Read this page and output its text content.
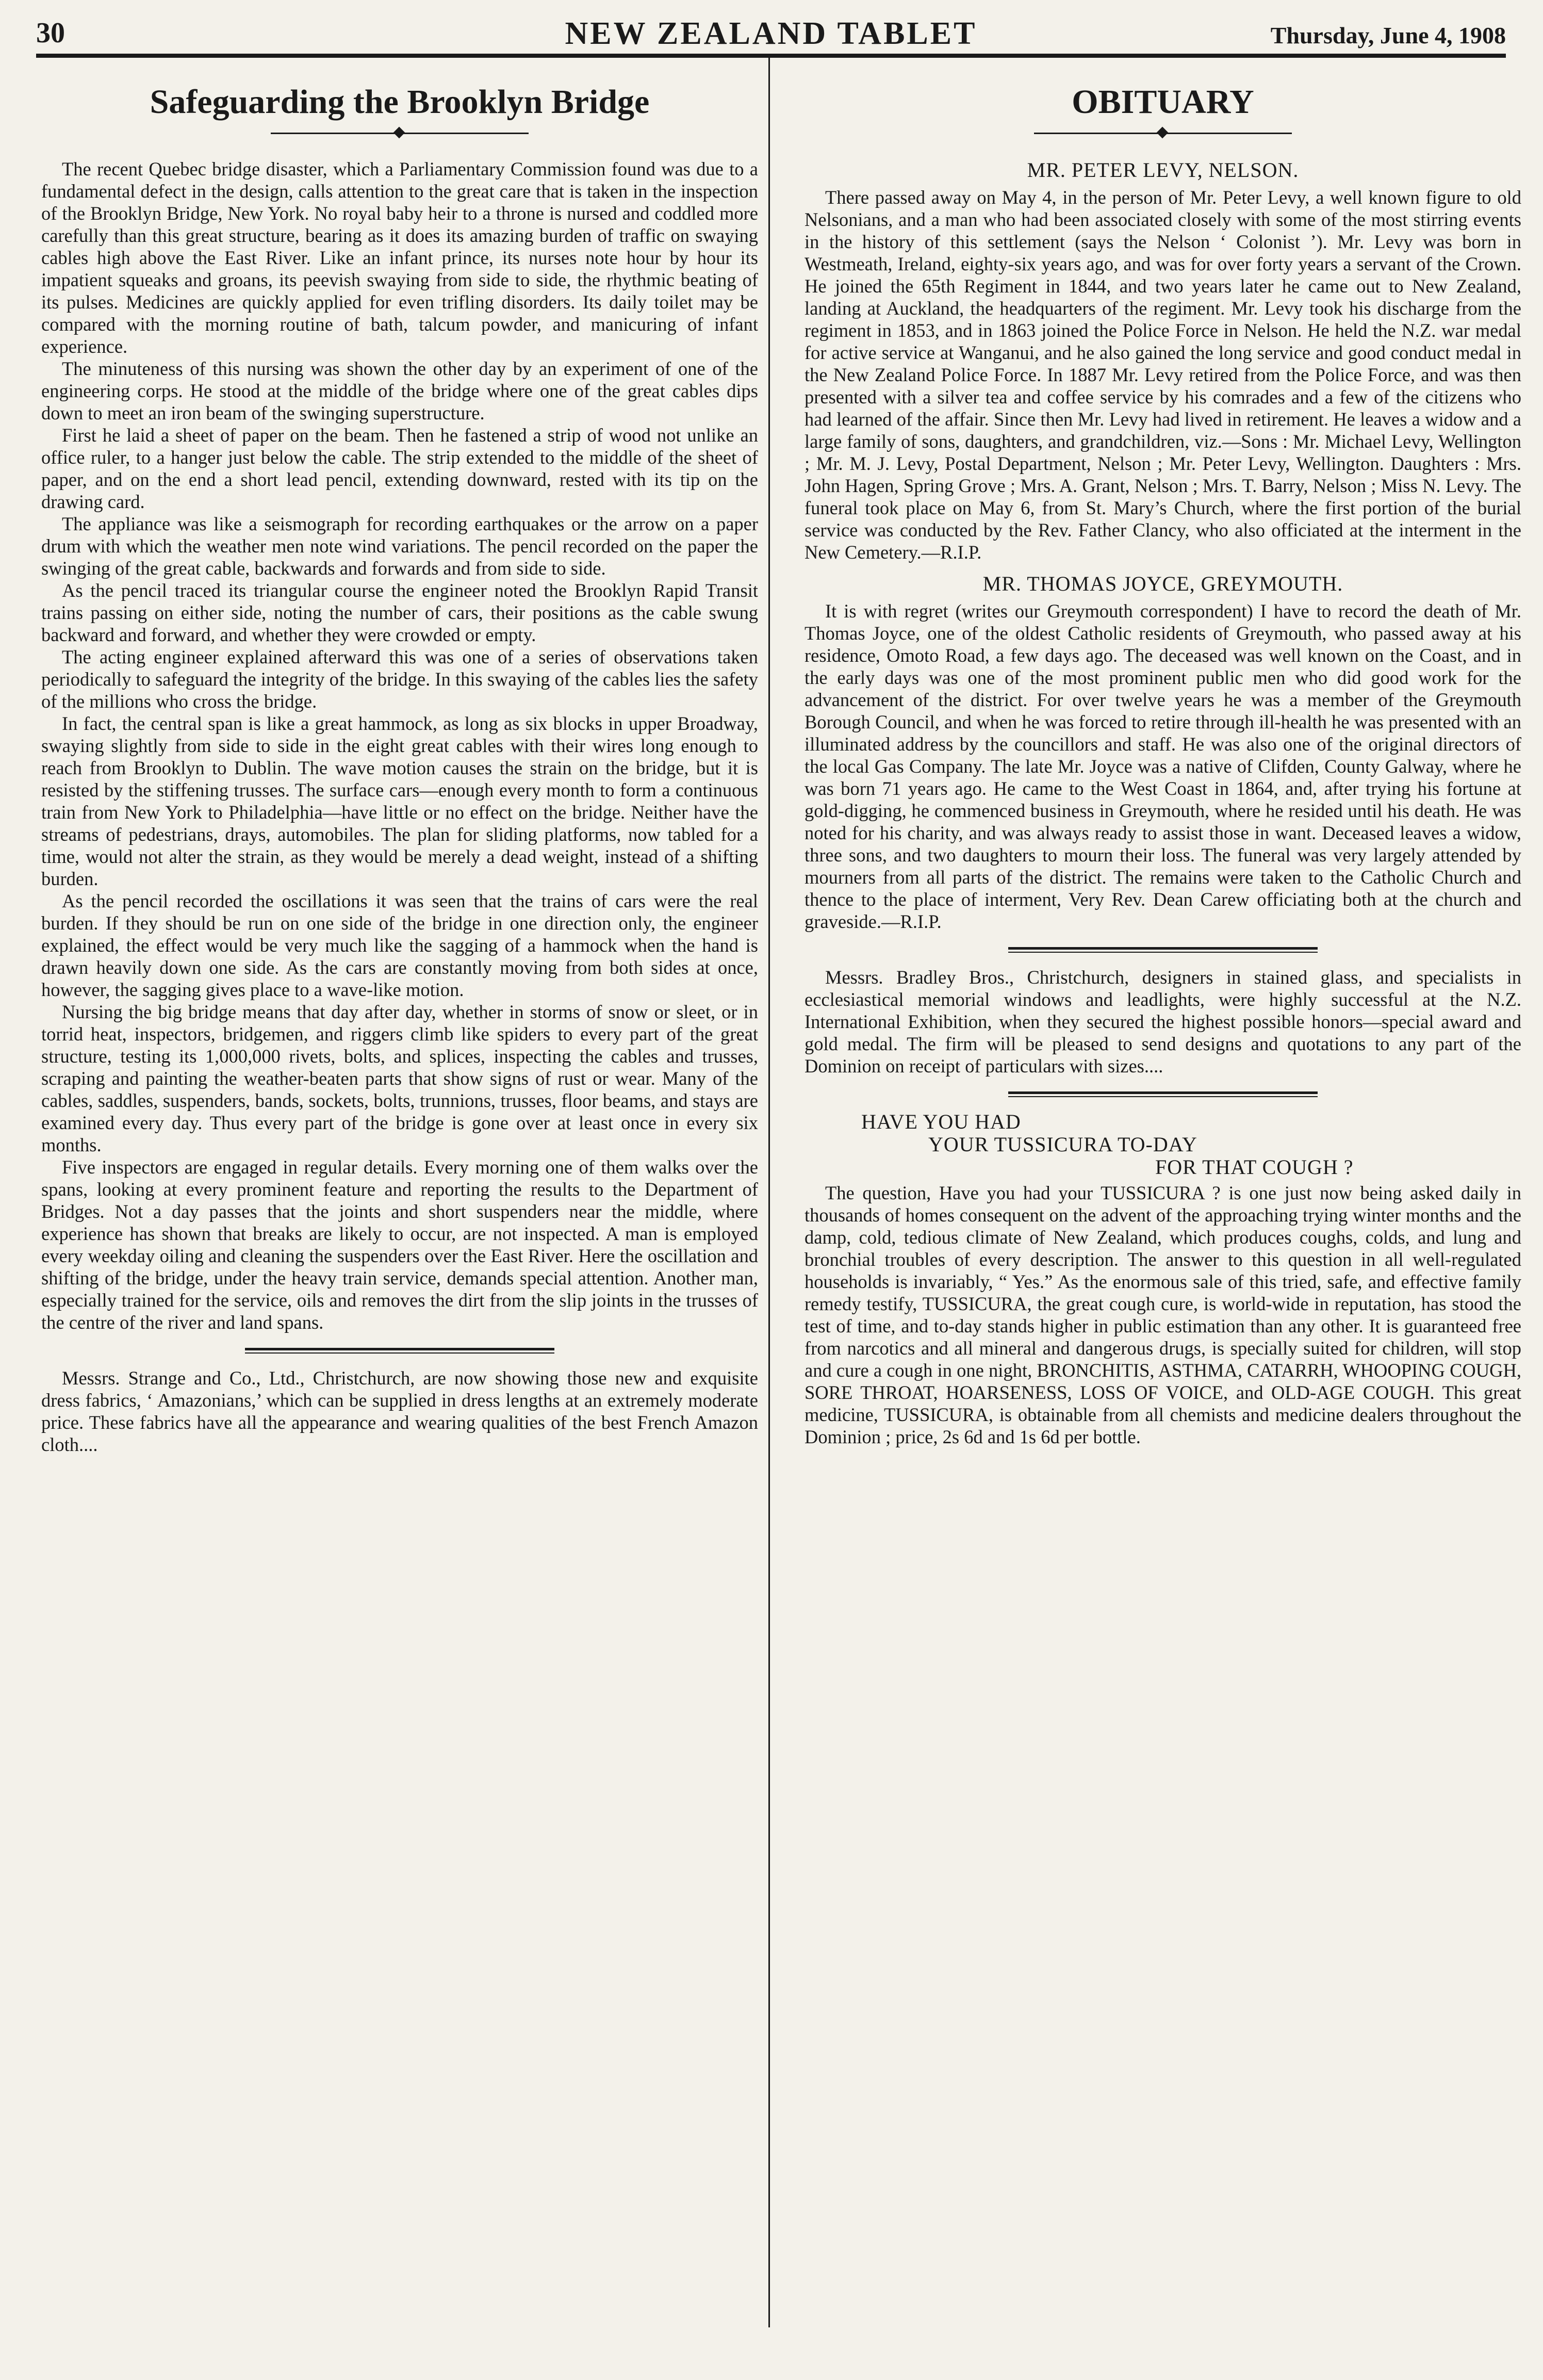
30	NEW ZEALAND TABLET	Thursday, June 4, 1908
Safeguarding the Brooklyn Bridge

The recent Quebec bridge disaster, which a Parliamentary Commission found was due to a fundamental defect in the design, calls attention to the great care that is taken in the inspection of the Brooklyn Bridge, New York. No royal baby heir to a throne is nursed and coddled more carefully than this great structure, bearing as it does its amazing burden of traffic on swaying cables high above the East River. Like an infant prince, its nurses note hour by hour its impatient squeaks and groans, its peevish swaying from side to side, the rhythmic beating of its pulses. Medicines are quickly applied for even trifling disorders. Its daily toilet may be compared with the morning routine of bath, talcum powder, and manicuring of infant experience.

The minuteness of this nursing was shown the other day by an experiment of one of the engineering corps. He stood at the middle of the bridge where one of the great cables dips down to meet an iron beam of the swinging superstructure.

First he laid a sheet of paper on the beam. Then he fastened a strip of wood not unlike an office ruler, to a hanger just below the cable. The strip extended to the middle of the sheet of paper, and on the end a short lead pencil, extending downward, rested with its tip on the drawing card.

The appliance was like a seismograph for recording earthquakes or the arrow on a paper drum with which the weather men note wind variations. The pencil recorded on the paper the swinging of the great cable, backwards and forwards and from side to side.

As the pencil traced its triangular course the engineer noted the Brooklyn Rapid Transit trains passing on either side, noting the number of cars, their positions as the cable swung backward and forward, and whether they were crowded or empty.

The acting engineer explained afterward this was one of a series of observations taken periodically to safeguard the integrity of the bridge. In this swaying of the cables lies the safety of the millions who cross the bridge.

In fact, the central span is like a great hammock, as long as six blocks in upper Broadway, swaying slightly from side to side in the eight great cables with their wires long enough to reach from Brooklyn to Dublin. The wave motion causes the strain on the bridge, but it is resisted by the stiffening trusses. The surface cars—enough every month to form a continuous train from New York to Philadelphia—have little or no effect on the bridge. Neither have the streams of pedestrians, drays, automobiles. The plan for sliding platforms, now tabled for a time, would not alter the strain, as they would be merely a dead weight, instead of a shifting burden.

As the pencil recorded the oscillations it was seen that the trains of cars were the real burden. If they should be run on one side of the bridge in one direction only, the engineer explained, the effect would be very much like the sagging of a hammock when the hand is drawn heavily down one side. As the cars are constantly moving from both sides at once, however, the sagging gives place to a wave-like motion.

Nursing the big bridge means that day after day, whether in storms of snow or sleet, or in torrid heat, inspectors, bridgemen, and riggers climb like spiders to every part of the great structure, testing its 1,000,000 rivets, bolts, and splices, inspecting the cables and trusses, scraping and painting the weather-beaten parts that show signs of rust or wear. Many of the cables, saddles, suspenders, bands, sockets, bolts, trunnions, trusses, floor beams, and stays are examined every day. Thus every part of the bridge is gone over at least once in every six months.

Five inspectors are engaged in regular details. Every morning one of them walks over the spans, looking at every prominent feature and reporting the results to the Department of Bridges. Not a day passes that the joints and short suspenders near the middle, where experience has shown that breaks are likely to occur, are not inspected. A man is employed every weekday oiling and cleaning the suspenders over the East River. Here the oscillation and shifting of the bridge, under the heavy train service, demands special attention. Another man, especially trained for the service, oils and removes the dirt from the slip joints in the trusses of the centre of the river and land spans.

Messrs. Strange and Co., Ltd., Christchurch, are now showing those new and exquisite dress fabrics, ‘ Amazonians,’ which can be supplied in dress lengths at an extremely moderate price. These fabrics have all the appearance and wearing qualities of the best French Amazon cloth....

OBITUARY
MR. PETER LEVY, NELSON.

There passed away on May 4, in the person of Mr. Peter Levy, a well known figure to old Nelsonians, and a man who had been associated closely with some of the most stirring events in the history of this settlement (says the Nelson ‘ Colonist ’). Mr. Levy was born in Westmeath, Ireland, eighty-six years ago, and was for over forty years a servant of the Crown. He joined the 65th Regiment in 1844, and two years later he came out to New Zealand, landing at Auckland, the headquarters of the regiment. Mr. Levy took his discharge from the regiment in 1853, and in 1863 joined the Police Force in Nelson. He held the N.Z. war medal for active service at Wanganui, and he also gained the long service and good conduct medal in the New Zealand Police Force. In 1887 Mr. Levy retired from the Police Force, and was then presented with a silver tea and coffee service by his comrades and a few of the citizens who had learned of the affair. Since then Mr. Levy had lived in retirement. He leaves a widow and a large family of sons, daughters, and grandchildren, viz.—Sons : Mr. Michael Levy, Wellington ; Mr. M. J. Levy, Postal Department, Nelson ; Mr. Peter Levy, Wellington. Daughters : Mrs. John Hagen, Spring Grove ; Mrs. A. Grant, Nelson ; Mrs. T. Barry, Nelson ; Miss N. Levy. The funeral took place on May 6, from St. Mary’s Church, where the first portion of the burial service was conducted by the Rev. Father Clancy, who also officiated at the interment in the New Cemetery.—R.I.P.

MR. THOMAS JOYCE, GREYMOUTH.

It is with regret (writes our Greymouth correspondent) I have to record the death of Mr. Thomas Joyce, one of the oldest Catholic residents of Greymouth, who passed away at his residence, Omoto Road, a few days ago. The deceased was well known on the Coast, and in the early days was one of the most prominent public men who did good work for the advancement of the district. For over twelve years he was a member of the Greymouth Borough Council, and when he was forced to retire through ill-health he was presented with an illuminated address by the councillors and staff. He was also one of the original directors of the local Gas Company. The late Mr. Joyce was a native of Clifden, County Galway, where he was born 71 years ago. He came to the West Coast in 1864, and, after trying his fortune at gold-digging, he commenced business in Greymouth, where he resided until his death. He was noted for his charity, and was always ready to assist those in want. Deceased leaves a widow, three sons, and two daughters to mourn their loss. The funeral was very largely attended by mourners from all parts of the district. The remains were taken to the Catholic Church and thence to the place of interment, Very Rev. Dean Carew officiating both at the church and graveside.—R.I.P.

Messrs. Bradley Bros., Christchurch, designers in stained glass, and specialists in ecclesiastical memorial windows and leadlights, were highly successful at the N.Z. International Exhibition, when they secured the highest possible honors—special award and gold medal. The firm will be pleased to send designs and quotations to any part of the Dominion on receipt of particulars with sizes....

HAVE YOU HAD
YOUR TUSSICURA TO-DAY
FOR THAT COUGH ?

The question, Have you had your TUSSICURA ? is one just now being asked daily in thousands of homes consequent on the advent of the approaching trying winter months and the damp, cold, tedious climate of New Zealand, which produces coughs, colds, and lung and bronchial troubles of every description. The answer to this question in all well-regulated households is invariably, “ Yes.” As the enormous sale of this tried, safe, and effective family remedy testify, TUSSICURA, the great cough cure, is world-wide in reputation, has stood the test of time, and to-day stands higher in public estimation than any other. It is guaranteed free from narcotics and all mineral and dangerous drugs, is specially suited for children, will stop and cure a cough in one night, BRONCHITIS, ASTHMA, CATARRH, WHOOPING COUGH, SORE THROAT, HOARSENESS, LOSS OF VOICE, and OLD-AGE COUGH. This great medicine, TUSSICURA, is obtainable from all chemists and medicine dealers throughout the Dominion ; price, 2s 6d and 1s 6d per bottle.
